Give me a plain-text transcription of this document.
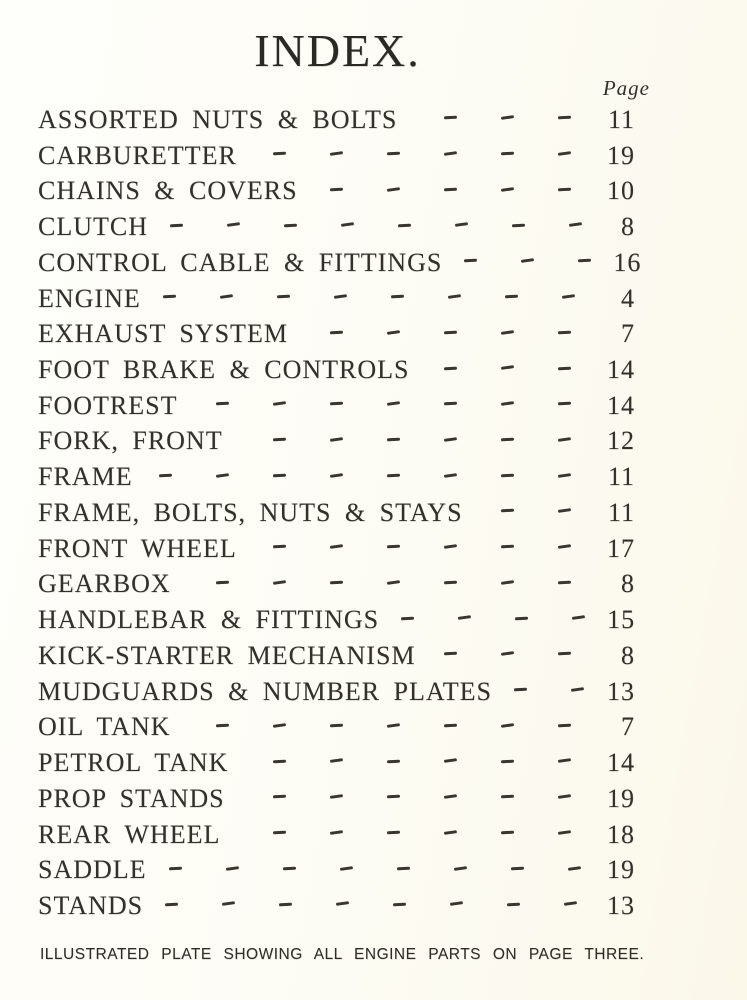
INDEX.
Page
ASSORTED NUTS & BOLTS	11
CARBURETTER	19
CHAINS & COVERS	10
CLUTCH	8
CONTROL CABLE & FITTINGS	16
ENGINE	4
EXHAUST SYSTEM	7
FOOT BRAKE & CONTROLS	14
FOOTREST	14
FORK, FRONT	12
FRAME	11
FRAME, BOLTS, NUTS & STAYS	11
FRONT WHEEL	17
GEARBOX	8
HANDLEBAR & FITTINGS	15
KICK-STARTER MECHANISM	8
MUDGUARDS & NUMBER PLATES	13
OIL TANK	7
PETROL TANK	14
PROP STANDS	19
REAR WHEEL	18
SADDLE	19
STANDS	13
ILLUSTRATED PLATE SHOWING ALL ENGINE PARTS ON PAGE THREE.
